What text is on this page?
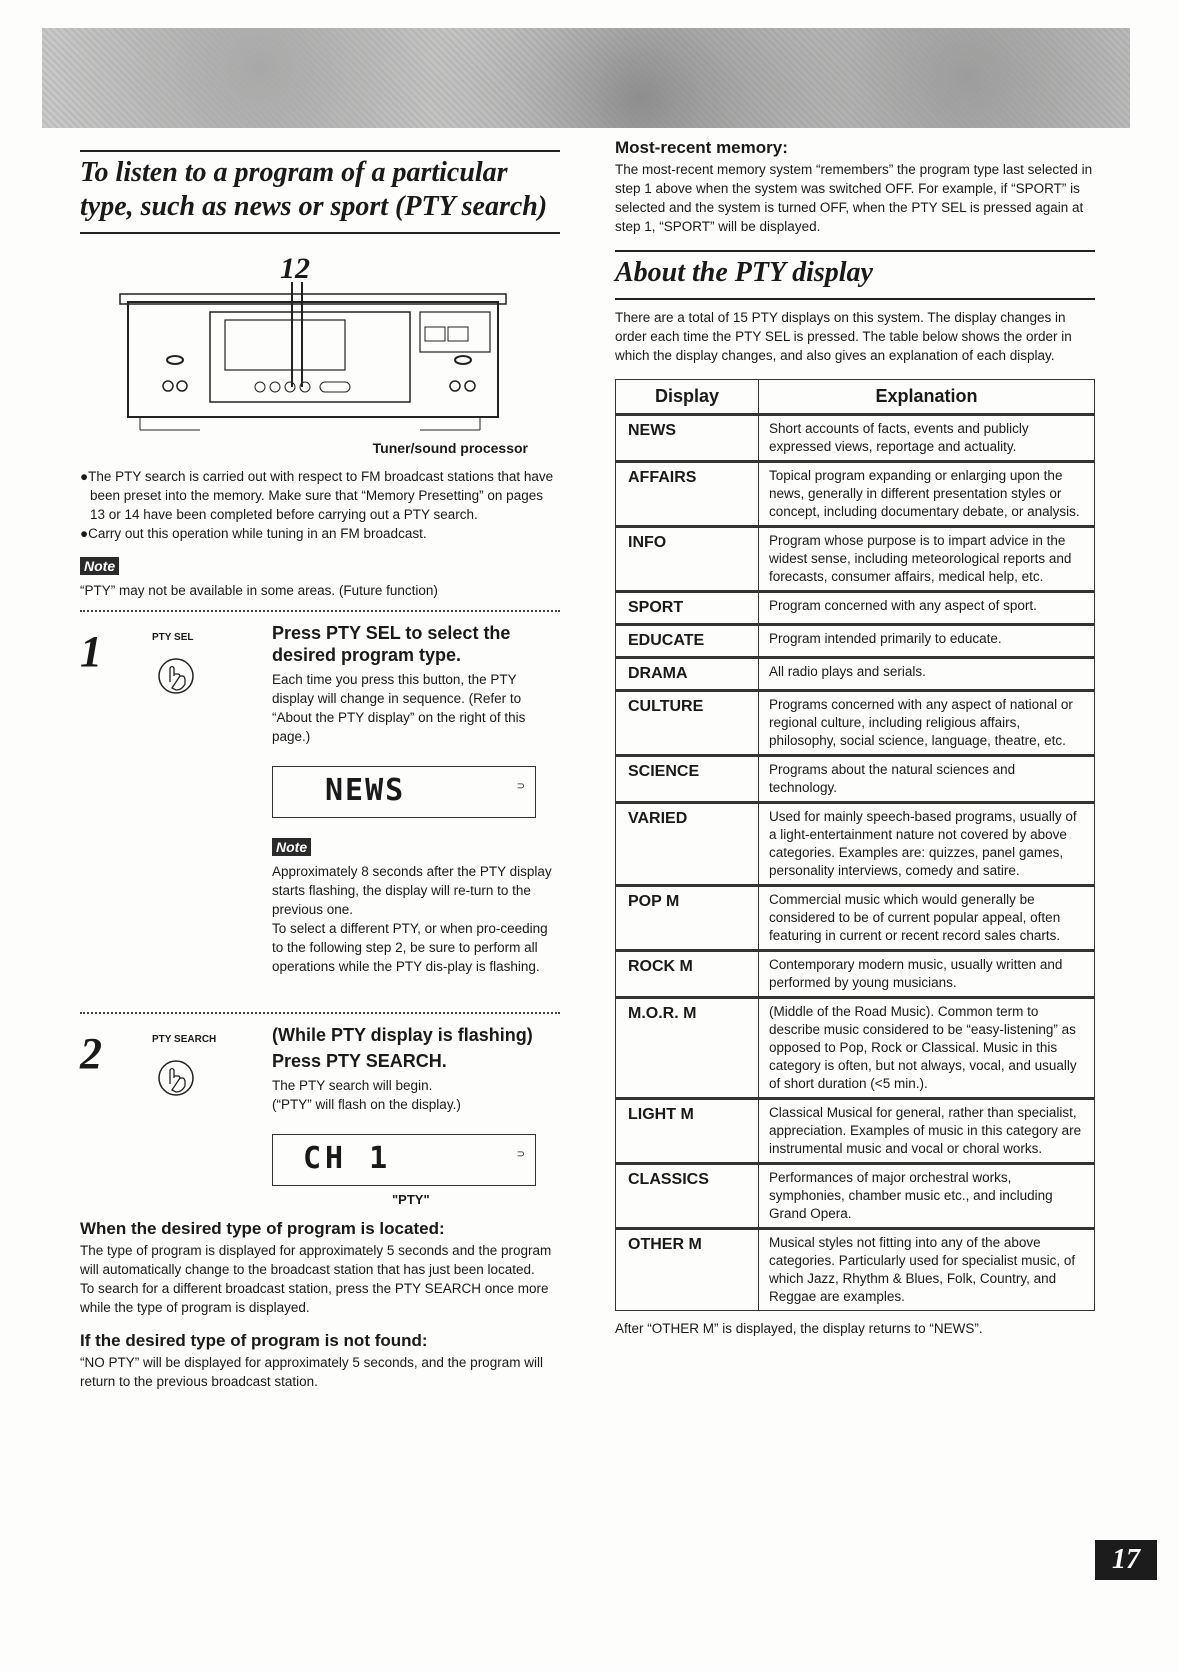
To listen to a program of a particular type, such as news or sport (PTY search)
12
Tuner/sound processor
●The PTY search is carried out with respect to FM broadcast stations that have been preset into the memory. Make sure that “Memory Presetting” on pages 13 or 14 have been completed before carrying out a PTY search.
●Carry out this operation while tuning in an FM broadcast.
Note

“PTY” may not be available in some areas. (Future function)

1	PTY SEL	Press PTY SEL to select the desired program type.

Each time you press this button, the PTY display will change in sequence. (Refer to “About the PTY display” on the right of this page.)

NEWS	⊃
Note

Approximately 8 seconds after the PTY display starts flashing, the display will re-turn to the previous one.
To select a different PTY, or when pro-ceeding to the following step 2, be sure to perform all operations while the PTY dis-play is flashing.

2	PTY SEARCH	(While PTY display is flashing)
Press PTY SEARCH.

The PTY search will begin.
(“PTY” will flash on the display.)

CH 1	⊃
"PTY"
When the desired type of program is located:

The type of program is displayed for approximately 5 seconds and the program will automatically change to the broadcast station that has just been located.
To search for a different broadcast station, press the PTY SEARCH once more while the type of program is displayed.

If the desired type of program is not found:

“NO PTY” will be displayed for approximately 5 seconds, and the program will return to the previous broadcast station.

Most-recent memory:

The most-recent memory system “remembers” the program type last selected in step 1 above when the system was switched OFF. For example, if “SPORT” is selected and the system is turned OFF, when the PTY SEL is pressed again at step 1, “SPORT” will be displayed.

About the PTY display

There are a total of 15 PTY displays on this system. The display changes in order each time the PTY SEL is pressed. The table below shows the order in which the display changes, and also gives an explanation of each display.

Display	Explanation
NEWS	Short accounts of facts, events and publicly expressed views, reportage and actuality.
AFFAIRS	Topical program expanding or enlarging upon the news, generally in different presentation styles or concept, including documentary debate, or analysis.
INFO	Program whose purpose is to impart advice in the widest sense, including meteorological reports and forecasts, consumer affairs, medical help, etc.
SPORT	Program concerned with any aspect of sport.
EDUCATE	Program intended primarily to educate.
DRAMA	All radio plays and serials.
CULTURE	Programs concerned with any aspect of national or regional culture, including religious affairs, philosophy, social science, language, theatre, etc.
SCIENCE	Programs about the natural sciences and technology.
VARIED	Used for mainly speech-based programs, usually of a light-entertainment nature not covered by above categories. Examples are: quizzes, panel games, personality interviews, comedy and satire.
POP M	Commercial music which would generally be considered to be of current popular appeal, often featuring in current or recent record sales charts.
ROCK M	Contemporary modern music, usually written and performed by young musicians.
M.O.R. M	(Middle of the Road Music). Common term to describe music considered to be “easy-listening” as opposed to Pop, Rock or Classical. Music in this category is often, but not always, vocal, and usually of short duration (<5 min.).
LIGHT M	Classical Musical for general, rather than specialist, appreciation. Examples of music in this category are instrumental music and vocal or choral works.
CLASSICS	Performances of major orchestral works, symphonies, chamber music etc., and including Grand Opera.
OTHER M	Musical styles not fitting into any of the above categories. Particularly used for specialist music, of which Jazz, Rhythm & Blues, Folk, Country, and Reggae are examples.

After “OTHER M” is displayed, the display returns to “NEWS”.

17
